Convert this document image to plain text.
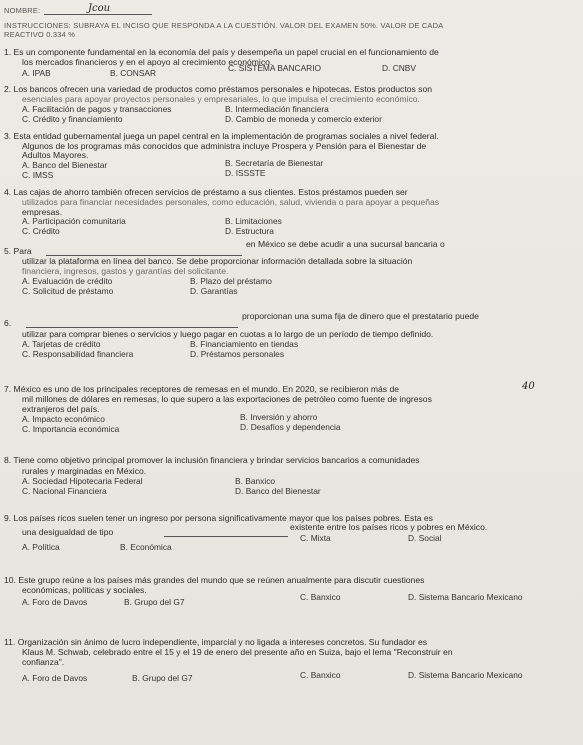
NOMBRE:	Jcou
INSTRUCCIONES: SUBRAYA EL INCISO QUE RESPONDA A LA CUESTIÓN. VALOR DEL EXAMEN 50%. VALOR DE CADA
REACTIVO 0.334 %
1. Es un componente fundamental en la economía del país y desempeña un papel crucial en el funcionamiento de
los mercados financieros y en el apoyo al crecimiento económico.
A. IPAB	B. CONSAR	C. SISTEMA BANCARIO	D. CNBV
2. Los bancos ofrecen una variedad de productos como préstamos personales e hipotecas. Estos productos son
esenciales para apoyar proyectos personales y empresariales, lo que impulsa el crecimiento económico.
A. Facilitación de pagos y transacciones	B. Intermediación financiera
C. Crédito y financiamiento	D. Cambio de moneda y comercio exterior
3. Esta entidad gubernamental juega un papel central en la implementación de programas sociales a nivel federal.
Algunos de los programas más conocidos que administra incluye Prospera y Pensión para el Bienestar de
Adultos Mayores.
A. Banco del Bienestar	B. Secretaría de Bienestar
C. IMSS	D. ISSSTE
4. Las cajas de ahorro también ofrecen servicios de préstamo a sus clientes. Estos préstamos pueden ser
utilizados para financiar necesidades personales, como educación, salud, vivienda o para apoyar a pequeñas
empresas.
A. Participación comunitaria	B. Limitaciones
C. Crédito	D. Estructura
5. Para
en México se debe acudir a una sucursal bancaria o
utilizar la plataforma en línea del banco. Se debe proporcionar información detallada sobre la situación
financiera, ingresos, gastos y garantías del solicitante.
A. Evaluación de crédito	B. Plazo del préstamo
C. Solicitud de préstamo	D. Garantías
6.
proporcionan una suma fija de dinero que el prestatario puede
utilizar para comprar bienes o servicios y luego pagar en cuotas a lo largo de un período de tiempo definido.
A. Tarjetas de crédito	B. Financiamiento en tiendas
C. Responsabilidad financiera	D. Préstamos personales
7. México es uno de los principales receptores de remesas en el mundo. En 2020, se recibieron más de	40
mil millones de dólares en remesas, lo que supero a las exportaciones de petróleo como fuente de ingresos
extranjeros del país.
A. Impacto económico	B. Inversión y ahorro
C. Importancia económica	D. Desafíos y dependencia
8. Tiene como objetivo principal promover la inclusión financiera y brindar servicios bancarios a comunidades
rurales y marginadas en México.
A. Sociedad Hipotecaria Federal	B. Banxico
C. Nacional Financiera	D. Banco del Bienestar
9. Los países ricos suelen tener un ingreso por persona significativamente mayor que los países pobres. Esta es
una desigualdad de tipo	existente entre los países ricos y pobres en México.
A. Política	B. Económica
C. Mixta	D. Social
10. Este grupo reúne a los países más grandes del mundo que se reúnen anualmente para discutir cuestiones
económicas, políticas y sociales.
A. Foro de Davos	B. Grupo del G7	C. Banxico	D. Sistema Bancario Mexicano
11. Organización sin ánimo de lucro independiente, imparcial y no ligada a intereses concretos. Su fundador es
Klaus M. Schwab, celebrado entre el 15 y el 19 de enero del presente año en Suiza, bajo el lema "Reconstruir en
confianza".
A. Foro de Davos	B. Grupo del G7	C. Banxico	D. Sistema Bancario Mexicano
